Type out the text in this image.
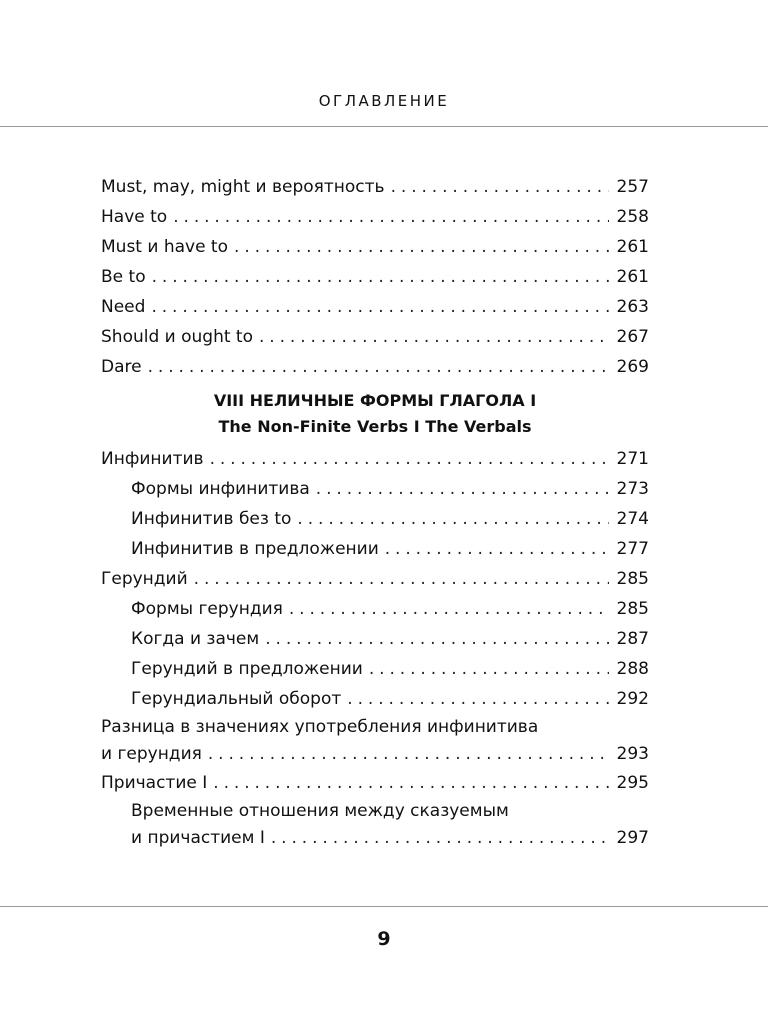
ОГЛАВЛЕНИЕ
Must, may, might и вероятность . . .	257
Have to . . .	258
Must и have to . . .	261
Be to . . .	261
Need . . .	263
Should и ought to . . .	267
Dare . . .	269
VIII НЕЛИЧНЫЕ ФОРМЫ ГЛАГОЛА I
The Non-Finite Verbs I The Verbals
Инфинитив . . .	271
Формы инфинитива . . .	273
Инфинитив без to . . .	274
Инфинитив в предложении . . .	277
Герундий . . .	285
Формы герундия . . .	285
Когда и зачем . . .	287
Герундий в предложении . . .	288
Герундиальный оборот . . .	292
Разница в значениях употребления инфинитива
и герундия . . .	293
Причастие I . . .	295
Временные отношения между сказуемым
и причастием I . . .	297
9
